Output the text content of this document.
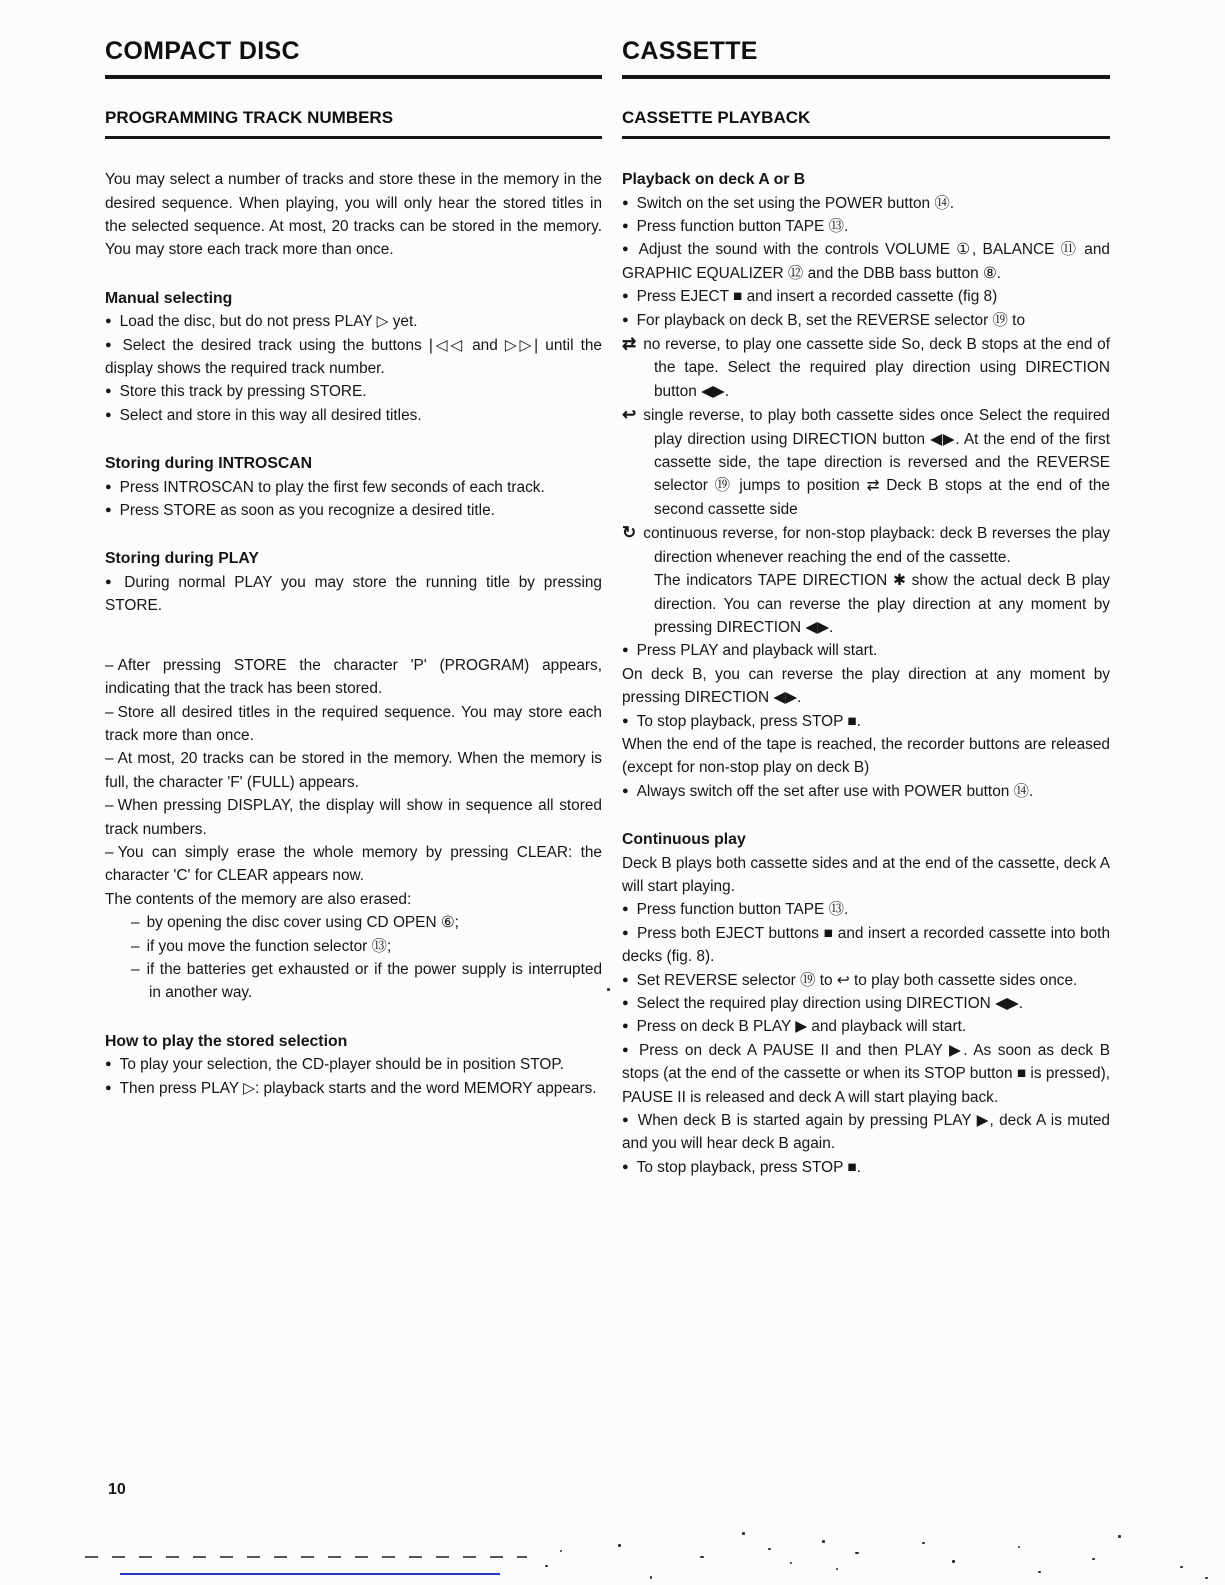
COMPACT DISC
PROGRAMMING TRACK NUMBERS

You may select a number of tracks and store these in the memory in the desired sequence. When playing, you will only hear the stored titles in the selected sequence. At most, 20 tracks can be stored in the memory. You may store each track more than once.

Manual selecting

● Load the disc, but do not press PLAY ▷ yet.

● Select the desired track using the buttons |◁◁ and ▷▷| until the display shows the required track number.

● Store this track by pressing STORE.

● Select and store in this way all desired titles.

Storing during INTROSCAN

● Press INTROSCAN to play the first few seconds of each track.

● Press STORE as soon as you recognize a desired title.

Storing during PLAY

● During normal PLAY you may store the running title by pressing STORE.

– After pressing STORE the character 'P' (PROGRAM) appears, indicating that the track has been stored.

– Store all desired titles in the required sequence. You may store each track more than once.

– At most, 20 tracks can be stored in the memory. When the memory is full, the character 'F' (FULL) appears.

– When pressing DISPLAY, the display will show in sequence all stored track numbers.

– You can simply erase the whole memory by pressing CLEAR: the character 'C' for CLEAR appears now.

The contents of the memory are also erased:

– by opening the disc cover using CD OPEN ⑥;

– if you move the function selector ⑬;

– if the batteries get exhausted or if the power supply is interrupted in another way.

How to play the stored selection

● To play your selection, the CD-player should be in position STOP.

● Then press PLAY ▷: playback starts and the word MEMORY appears.

CASSETTE
CASSETTE PLAYBACK

Playback on deck A or B

● Switch on the set using the POWER button ⑭.

● Press function button TAPE ⑬.

● Adjust the sound with the controls VOLUME ①, BALANCE ⑪ and GRAPHIC EQUALIZER ⑫ and the DBB bass button ⑧.

● Press EJECT ■ and insert a recorded cassette (fig 8)

● For playback on deck B, set the REVERSE selector ⑲ to

⇄ no reverse, to play one cassette side So, deck B stops at the end of the tape. Select the required play direction using DIRECTION button ◀▶.

↩ single reverse, to play both cassette sides once Select the required play direction using DIRECTION button ◀▶. At the end of the first cassette side, the tape direction is reversed and the REVERSE selector ⑲ jumps to position ⇄ Deck B stops at the end of the second cassette side

↻ continuous reverse, for non-stop playback: deck B reverses the play direction whenever reaching the end of the cassette.

The indicators TAPE DIRECTION ✱ show the actual deck B play direction. You can reverse the play direction at any moment by pressing DIRECTION ◀▶.

● Press PLAY and playback will start.

On deck B, you can reverse the play direction at any moment by pressing DIRECTION ◀▶.

● To stop playback, press STOP ■.

When the end of the tape is reached, the recorder buttons are released (except for non-stop play on deck B)

● Always switch off the set after use with POWER button ⑭.

Continuous play

Deck B plays both cassette sides and at the end of the cassette, deck A will start playing.

● Press function button TAPE ⑬.

● Press both EJECT buttons ■ and insert a recorded cassette into both decks (fig. 8).

● Set REVERSE selector ⑲ to ↩ to play both cassette sides once.

● Select the required play direction using DIRECTION ◀▶.

● Press on deck B PLAY ▶ and playback will start.

● Press on deck A PAUSE II and then PLAY ▶. As soon as deck B stops (at the end of the cassette or when its STOP button ■ is pressed), PAUSE II is released and deck A will start playing back.

● When deck B is started again by pressing PLAY ▶, deck A is muted and you will hear deck B again.

● To stop playback, press STOP ■.

10
